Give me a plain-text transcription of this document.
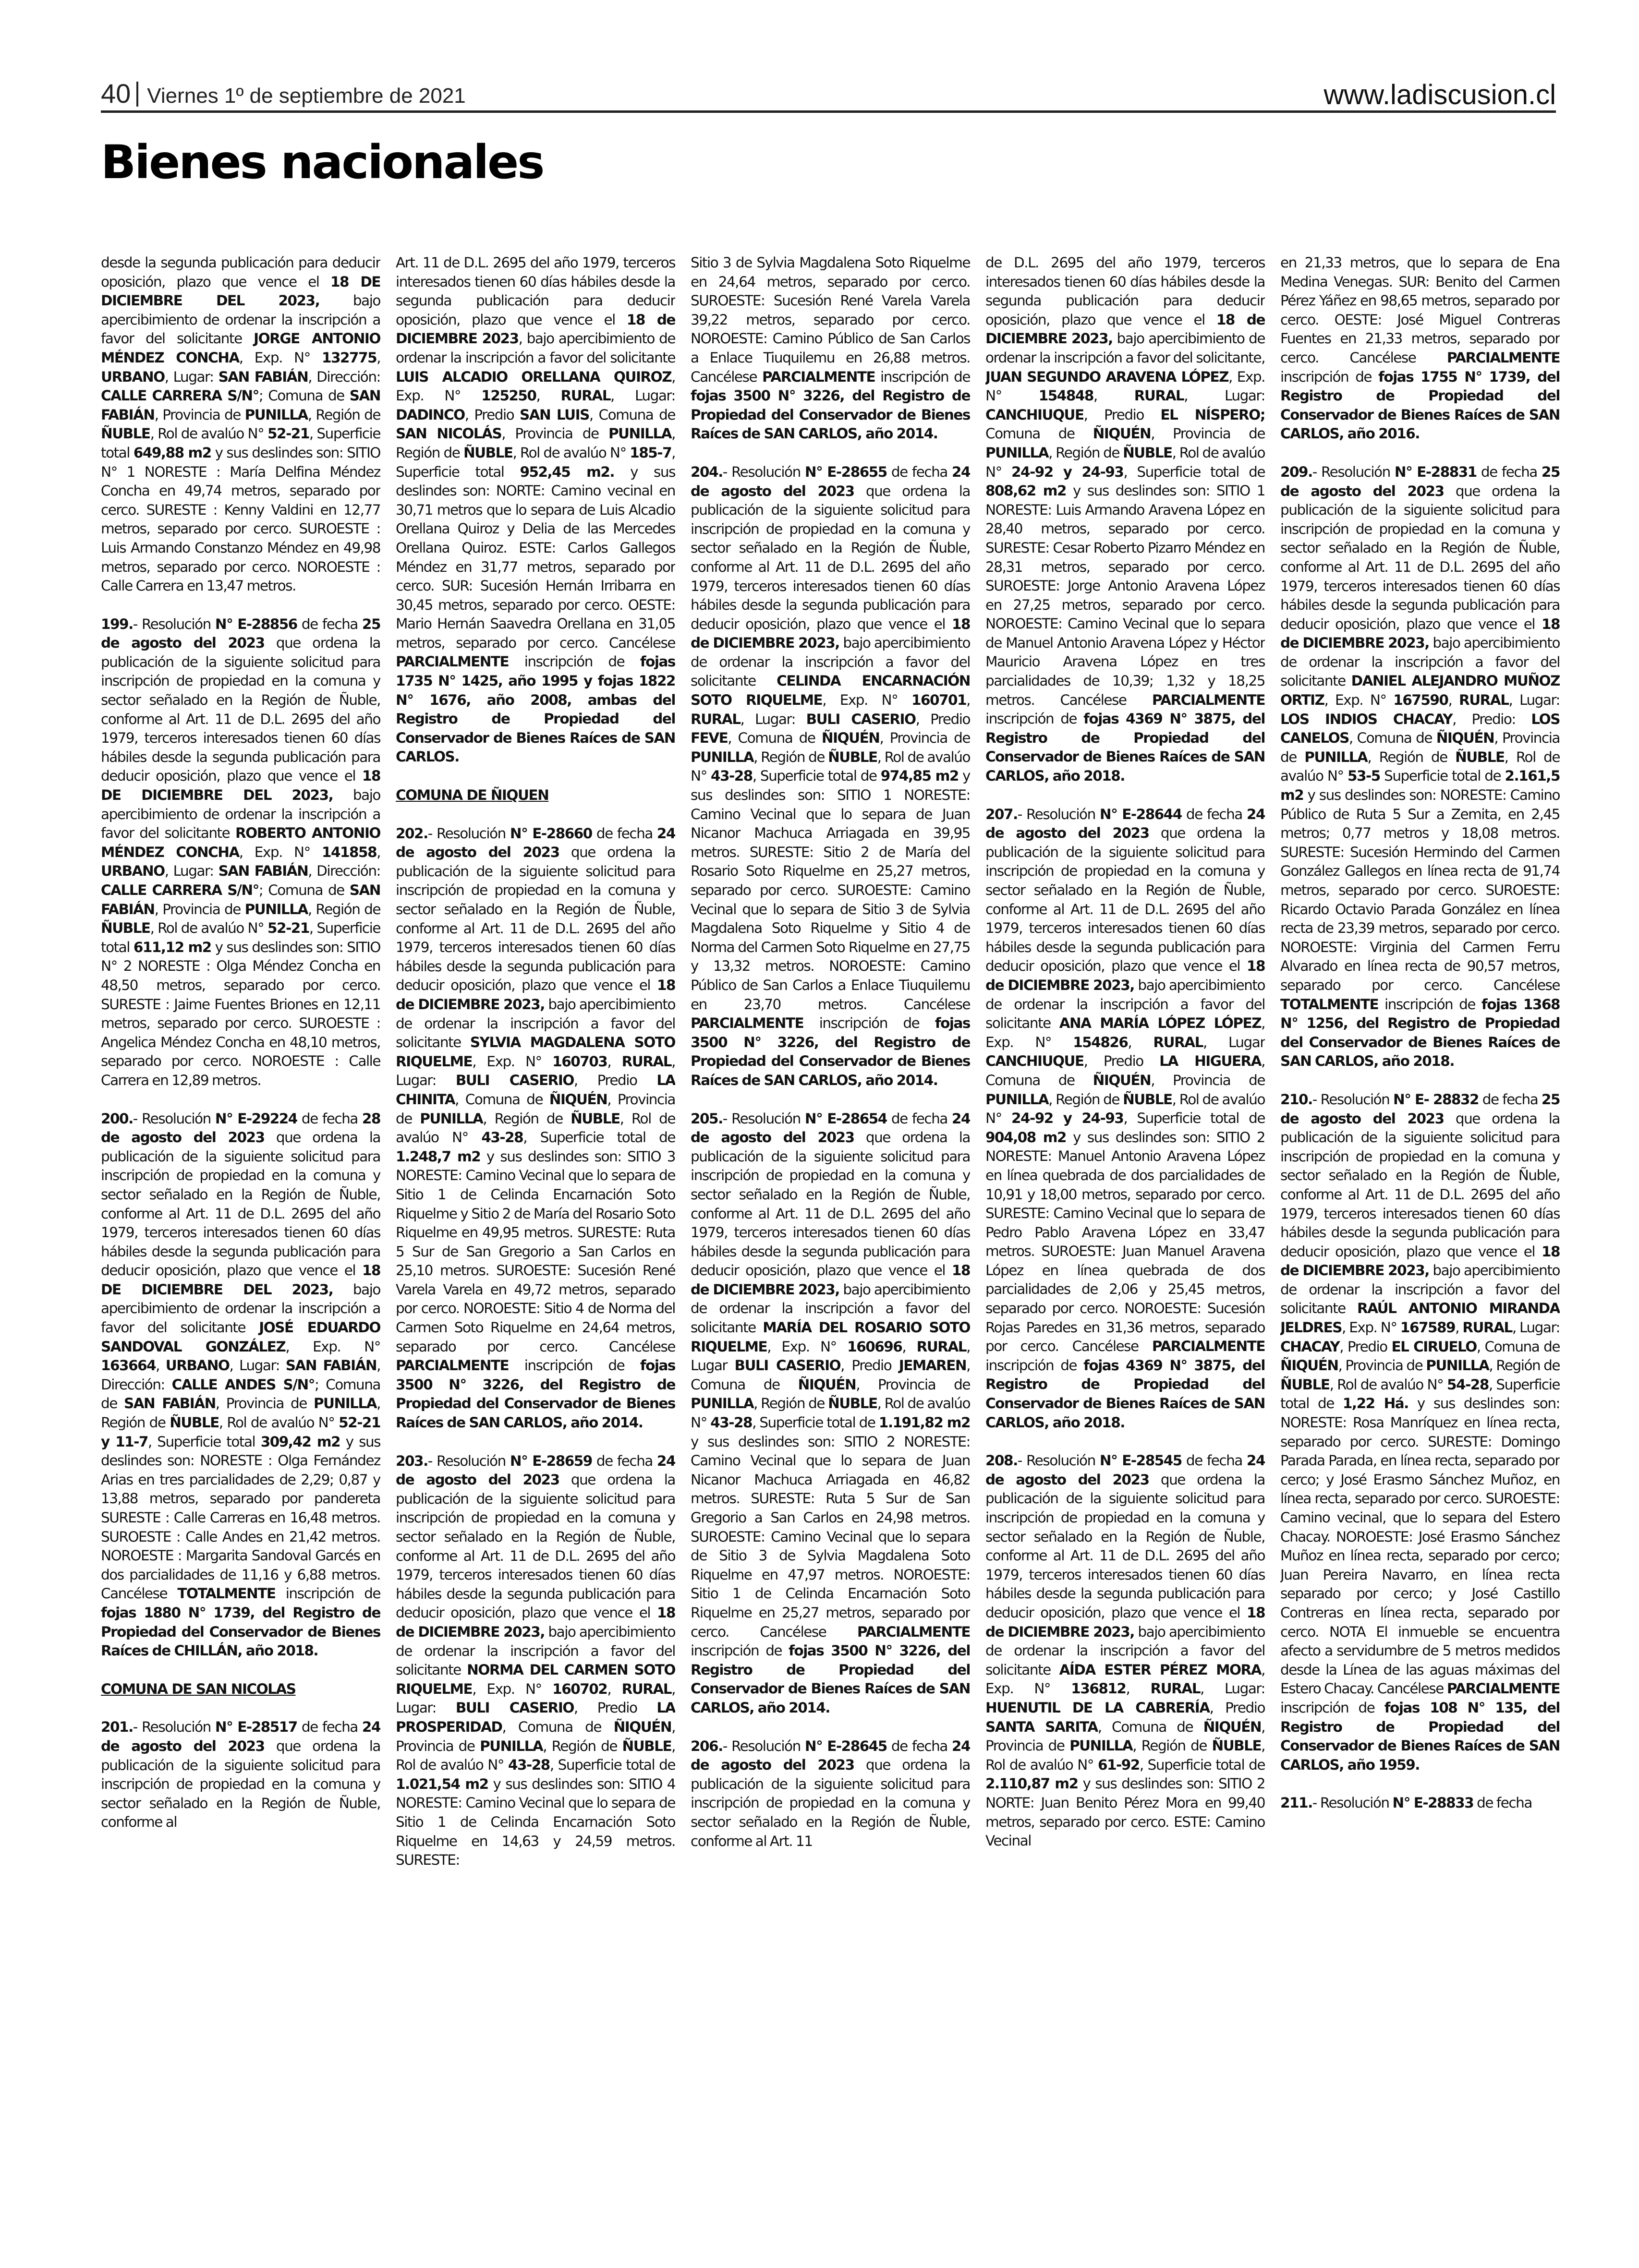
40 Viernes 1º de septiembre de 2021	www.ladiscusion.cl
Bienes nacionales
desde la segunda publicación para deducir oposición, plazo que vence el 18 DE DICIEMBRE DEL 2023, bajo apercibimiento de ordenar la inscripción a favor del solicitante JORGE ANTONIO MÉNDEZ CONCHA, Exp. N° 132775, URBANO, Lugar: SAN FABIÁN, Dirección: CALLE CARRERA S/N°; Comuna de SAN FABIÁN, Provincia de PUNILLA, Región de ÑUBLE, Rol de avalúo N° 52-21, Superficie total 649,88 m2 y sus deslindes son: SITIO N° 1 NORESTE : María Delfina Méndez Concha en 49,74 metros, separado por cerco. SURESTE : Kenny Valdini en 12,77 metros, separado por cerco. SUROESTE : Luis Armando Constanzo Méndez en 49,98 metros, separado por cerco. NOROESTE : Calle Carrera en 13,47 metros.
199.- Resolución N° E-28856 de fecha 25 de agosto del 2023 que ordena la publicación de la siguiente solicitud para inscripción de propiedad en la comuna y sector señalado en la Región de Ñuble, conforme al Art. 11 de D.L. 2695 del año 1979, terceros interesados tienen 60 días hábiles desde la segunda publicación para deducir oposición, plazo que vence el 18 DE DICIEMBRE DEL 2023, bajo apercibimiento de ordenar la inscripción a favor del solicitante ROBERTO ANTONIO MÉNDEZ CONCHA, Exp. N° 141858, URBANO, Lugar: SAN FABIÁN, Dirección: CALLE CARRERA S/N°; Comuna de SAN FABIÁN, Provincia de PUNILLA, Región de ÑUBLE, Rol de avalúo N° 52-21, Superficie total 611,12 m2 y sus deslindes son: SITIO N° 2 NORESTE : Olga Méndez Concha en 48,50 metros, separado por cerco. SURESTE : Jaime Fuentes Briones en 12,11 metros, separado por cerco. SUROESTE : Angelica Méndez Concha en 48,10 metros, separado por cerco. NOROESTE : Calle Carrera en 12,89 metros.
200.- Resolución N° E-29224 de fecha 28 de agosto del 2023 que ordena la publicación de la siguiente solicitud para inscripción de propiedad en la comuna y sector señalado en la Región de Ñuble, conforme al Art. 11 de D.L. 2695 del año 1979, terceros interesados tienen 60 días hábiles desde la segunda publicación para deducir oposición, plazo que vence el 18 DE DICIEMBRE DEL 2023, bajo apercibimiento de ordenar la inscripción a favor del solicitante JOSÉ EDUARDO SANDOVAL GONZÁLEZ, Exp. N° 163664, URBANO, Lugar: SAN FABIÁN, Dirección: CALLE ANDES S/N°; Comuna de SAN FABIÁN, Provincia de PUNILLA, Región de ÑUBLE, Rol de avalúo N° 52-21 y 11-7, Superficie total 309,42 m2 y sus deslindes son: NORESTE : Olga Fernández Arias en tres parcialidades de 2,29; 0,87 y 13,88 metros, separado por pandereta SURESTE : Calle Carreras en 16,48 metros. SUROESTE : Calle Andes en 21,42 metros. NOROESTE : Margarita Sandoval Garcés en dos parcialidades de 11,16 y 6,88 metros. Cancélese TOTALMENTE inscripción de fojas 1880 N° 1739, del Registro de Propiedad del Conservador de Bienes Raíces de CHILLÁN, año 2018.
COMUNA DE SAN NICOLAS
201.- Resolución N° E-28517 de fecha 24 de agosto del 2023 que ordena la publicación de la siguiente solicitud para inscripción de propiedad en la comuna y sector señalado en la Región de Ñuble, conforme al
Art. 11 de D.L. 2695 del año 1979, terceros interesados tienen 60 días hábiles desde la segunda publicación para deducir oposición, plazo que vence el 18 de DICIEMBRE 2023, bajo apercibimiento de ordenar la inscripción a favor del solicitante LUIS ALCADIO ORELLANA QUIROZ, Exp. N° 125250, RURAL, Lugar: DADINCO, Predio SAN LUIS, Comuna de SAN NICOLÁS, Provincia de PUNILLA, Región de ÑUBLE, Rol de avalúo N° 185-7, Superficie total 952,45 m2. y sus deslindes son: NORTE: Camino vecinal en 30,71 metros que lo separa de Luis Alcadio Orellana Quiroz y Delia de las Mercedes Orellana Quiroz. ESTE: Carlos Gallegos Méndez en 31,77 metros, separado por cerco. SUR: Sucesión Hernán Irribarra en 30,45 metros, separado por cerco. OESTE: Mario Hernán Saavedra Orellana en 31,05 metros, separado por cerco. Cancélese PARCIALMENTE inscripción de fojas 1735 N° 1425, año 1995 y fojas 1822 N° 1676, año 2008, ambas del Registro de Propiedad del Conservador de Bienes Raíces de SAN CARLOS.
COMUNA DE ÑIQUEN
202.- Resolución N° E-28660 de fecha 24 de agosto del 2023 que ordena la publicación de la siguiente solicitud para inscripción de propiedad en la comuna y sector señalado en la Región de Ñuble, conforme al Art. 11 de D.L. 2695 del año 1979, terceros interesados tienen 60 días hábiles desde la segunda publicación para deducir oposición, plazo que vence el 18 de DICIEMBRE 2023, bajo apercibimiento de ordenar la inscripción a favor del solicitante SYLVIA MAGDALENA SOTO RIQUELME, Exp. N° 160703, RURAL, Lugar: BULI CASERIO, Predio LA CHINITA, Comuna de ÑIQUÉN, Provincia de PUNILLA, Región de ÑUBLE, Rol de avalúo N° 43-28, Superficie total de 1.248,7 m2 y sus deslindes son: SITIO 3 NORESTE: Camino Vecinal que lo separa de Sitio 1 de Celinda Encarnación Soto Riquelme y Sitio 2 de María del Rosario Soto Riquelme en 49,95 metros. SURESTE: Ruta 5 Sur de San Gregorio a San Carlos en 25,10 metros. SUROESTE: Sucesión René Varela Varela en 49,72 metros, separado por cerco. NOROESTE: Sitio 4 de Norma del Carmen Soto Riquelme en 24,64 metros, separado por cerco. Cancélese PARCIALMENTE inscripción de fojas 3500 N° 3226, del Registro de Propiedad del Conservador de Bienes Raíces de SAN CARLOS, año 2014.
203.- Resolución N° E-28659 de fecha 24 de agosto del 2023 que ordena la publicación de la siguiente solicitud para inscripción de propiedad en la comuna y sector señalado en la Región de Ñuble, conforme al Art. 11 de D.L. 2695 del año 1979, terceros interesados tienen 60 días hábiles desde la segunda publicación para deducir oposición, plazo que vence el 18 de DICIEMBRE 2023, bajo apercibimiento de ordenar la inscripción a favor del solicitante NORMA DEL CARMEN SOTO RIQUELME, Exp. N° 160702, RURAL, Lugar: BULI CASERIO, Predio LA PROSPERIDAD, Comuna de ÑIQUÉN, Provincia de PUNILLA, Región de ÑUBLE, Rol de avalúo N° 43-28, Superficie total de 1.021,54 m2 y sus deslindes son: SITIO 4 NORESTE: Camino Vecinal que lo separa de Sitio 1 de Celinda Encarnación Soto Riquelme en 14,63 y 24,59 metros. SURESTE:
Sitio 3 de Sylvia Magdalena Soto Riquelme en 24,64 metros, separado por cerco. SUROESTE: Sucesión René Varela Varela 39,22 metros, separado por cerco. NOROESTE: Camino Público de San Carlos a Enlace Tiuquilemu en 26,88 metros. Cancélese PARCIALMENTE inscripción de fojas 3500 N° 3226, del Registro de Propiedad del Conservador de Bienes Raíces de SAN CARLOS, año 2014.
204.- Resolución N° E-28655 de fecha 24 de agosto del 2023 que ordena la publicación de la siguiente solicitud para inscripción de propiedad en la comuna y sector señalado en la Región de Ñuble, conforme al Art. 11 de D.L. 2695 del año 1979, terceros interesados tienen 60 días hábiles desde la segunda publicación para deducir oposición, plazo que vence el 18 de DICIEMBRE 2023, bajo apercibimiento de ordenar la inscripción a favor del solicitante CELINDA ENCARNACIÓN SOTO RIQUELME, Exp. N° 160701, RURAL, Lugar: BULI CASERIO, Predio FEVE, Comuna de ÑIQUÉN, Provincia de PUNILLA, Región de ÑUBLE, Rol de avalúo N° 43-28, Superficie total de 974,85 m2 y sus deslindes son: SITIO 1 NORESTE: Camino Vecinal que lo separa de Juan Nicanor Machuca Arriagada en 39,95 metros. SURESTE: Sitio 2 de María del Rosario Soto Riquelme en 25,27 metros, separado por cerco. SUROESTE: Camino Vecinal que lo separa de Sitio 3 de Sylvia Magdalena Soto Riquelme y Sitio 4 de Norma del Carmen Soto Riquelme en 27,75 y 13,32 metros. NOROESTE: Camino Público de San Carlos a Enlace Tiuquilemu en 23,70 metros. Cancélese PARCIALMENTE inscripción de fojas 3500 N° 3226, del Registro de Propiedad del Conservador de Bienes Raíces de SAN CARLOS, año 2014.
205.- Resolución N° E-28654 de fecha 24 de agosto del 2023 que ordena la publicación de la siguiente solicitud para inscripción de propiedad en la comuna y sector señalado en la Región de Ñuble, conforme al Art. 11 de D.L. 2695 del año 1979, terceros interesados tienen 60 días hábiles desde la segunda publicación para deducir oposición, plazo que vence el 18 de DICIEMBRE 2023, bajo apercibimiento de ordenar la inscripción a favor del solicitante MARÍA DEL ROSARIO SOTO RIQUELME, Exp. N° 160696, RURAL, Lugar BULI CASERIO, Predio JEMAREN, Comuna de ÑIQUÉN, Provincia de PUNILLA, Región de ÑUBLE, Rol de avalúo N° 43-28, Superficie total de 1.191,82 m2 y sus deslindes son: SITIO 2 NORESTE: Camino Vecinal que lo separa de Juan Nicanor Machuca Arriagada en 46,82 metros. SURESTE: Ruta 5 Sur de San Gregorio a San Carlos en 24,98 metros. SUROESTE: Camino Vecinal que lo separa de Sitio 3 de Sylvia Magdalena Soto Riquelme en 47,97 metros. NOROESTE: Sitio 1 de Celinda Encarnación Soto Riquelme en 25,27 metros, separado por cerco. Cancélese PARCIALMENTE inscripción de fojas 3500 N° 3226, del Registro de Propiedad del Conservador de Bienes Raíces de SAN CARLOS, año 2014.
206.- Resolución N° E-28645 de fecha 24 de agosto del 2023 que ordena la publicación de la siguiente solicitud para inscripción de propiedad en la comuna y sector señalado en la Región de Ñuble, conforme al Art. 11
de D.L. 2695 del año 1979, terceros interesados tienen 60 días hábiles desde la segunda publicación para deducir oposición, plazo que vence el 18 de DICIEMBRE 2023, bajo apercibimiento de ordenar la inscripción a favor del solicitante, JUAN SEGUNDO ARAVENA LÓPEZ, Exp. N° 154848, RURAL, Lugar: CANCHIUQUE, Predio EL NÍSPERO; Comuna de ÑIQUÉN, Provincia de PUNILLA, Región de ÑUBLE, Rol de avalúo N° 24-92 y 24-93, Superficie total de 808,62 m2 y sus deslindes son: SITIO 1 NORESTE: Luis Armando Aravena López en 28,40 metros, separado por cerco. SURESTE: Cesar Roberto Pizarro Méndez en 28,31 metros, separado por cerco. SUROESTE: Jorge Antonio Aravena López en 27,25 metros, separado por cerco. NOROESTE: Camino Vecinal que lo separa de Manuel Antonio Aravena López y Héctor Mauricio Aravena López en tres parcialidades de 10,39; 1,32 y 18,25 metros. Cancélese PARCIALMENTE inscripción de fojas 4369 N° 3875, del Registro de Propiedad del Conservador de Bienes Raíces de SAN CARLOS, año 2018.
207.- Resolución N° E-28644 de fecha 24 de agosto del 2023 que ordena la publicación de la siguiente solicitud para inscripción de propiedad en la comuna y sector señalado en la Región de Ñuble, conforme al Art. 11 de D.L. 2695 del año 1979, terceros interesados tienen 60 días hábiles desde la segunda publicación para deducir oposición, plazo que vence el 18 de DICIEMBRE 2023, bajo apercibimiento de ordenar la inscripción a favor del solicitante ANA MARÍA LÓPEZ LÓPEZ, Exp. N° 154826, RURAL, Lugar CANCHIUQUE, Predio LA HIGUERA, Comuna de ÑIQUÉN, Provincia de PUNILLA, Región de ÑUBLE, Rol de avalúo N° 24-92 y 24-93, Superficie total de 904,08 m2 y sus deslindes son: SITIO 2 NORESTE: Manuel Antonio Aravena López en línea quebrada de dos parcialidades de 10,91 y 18,00 metros, separado por cerco. SURESTE: Camino Vecinal que lo separa de Pedro Pablo Aravena López en 33,47 metros. SUROESTE: Juan Manuel Aravena López en línea quebrada de dos parcialidades de 2,06 y 25,45 metros, separado por cerco. NOROESTE: Sucesión Rojas Paredes en 31,36 metros, separado por cerco. Cancélese PARCIALMENTE inscripción de fojas 4369 N° 3875, del Registro de Propiedad del Conservador de Bienes Raíces de SAN CARLOS, año 2018.
208.- Resolución N° E-28545 de fecha 24 de agosto del 2023 que ordena la publicación de la siguiente solicitud para inscripción de propiedad en la comuna y sector señalado en la Región de Ñuble, conforme al Art. 11 de D.L. 2695 del año 1979, terceros interesados tienen 60 días hábiles desde la segunda publicación para deducir oposición, plazo que vence el 18 de DICIEMBRE 2023, bajo apercibimiento de ordenar la inscripción a favor del solicitante AÍDA ESTER PÉREZ MORA, Exp. N° 136812, RURAL, Lugar: HUENUTIL DE LA CABRERÍA, Predio SANTA SARITA, Comuna de ÑIQUÉN, Provincia de PUNILLA, Región de ÑUBLE, Rol de avalúo N° 61-92, Superficie total de 2.110,87 m2 y sus deslindes son: SITIO 2 NORTE: Juan Benito Pérez Mora en 99,40 metros, separado por cerco. ESTE: Camino Vecinal
en 21,33 metros, que lo separa de Ena Medina Venegas. SUR: Benito del Carmen Pérez Yáñez en 98,65 metros, separado por cerco. OESTE: José Miguel Contreras Fuentes en 21,33 metros, separado por cerco. Cancélese PARCIALMENTE inscripción de fojas 1755 N° 1739, del Registro de Propiedad del Conservador de Bienes Raíces de SAN CARLOS, año 2016.
209.- Resolución N° E-28831 de fecha 25 de agosto del 2023 que ordena la publicación de la siguiente solicitud para inscripción de propiedad en la comuna y sector señalado en la Región de Ñuble, conforme al Art. 11 de D.L. 2695 del año 1979, terceros interesados tienen 60 días hábiles desde la segunda publicación para deducir oposición, plazo que vence el 18 de DICIEMBRE 2023, bajo apercibimiento de ordenar la inscripción a favor del solicitante DANIEL ALEJANDRO MUÑOZ ORTIZ, Exp. N° 167590, RURAL, Lugar: LOS INDIOS CHACAY, Predio: LOS CANELOS, Comuna de ÑIQUÉN, Provincia de PUNILLA, Región de ÑUBLE, Rol de avalúo N° 53-5 Superficie total de 2.161,5 m2 y sus deslindes son: NORESTE: Camino Público de Ruta 5 Sur a Zemita, en 2,45 metros; 0,77 metros y 18,08 metros. SURESTE: Sucesión Hermindo del Carmen González Gallegos en línea recta de 91,74 metros, separado por cerco. SUROESTE: Ricardo Octavio Parada González en línea recta de 23,39 metros, separado por cerco. NOROESTE: Virginia del Carmen Ferru Alvarado en línea recta de 90,57 metros, separado por cerco. Cancélese TOTALMENTE inscripción de fojas 1368 N° 1256, del Registro de Propiedad del Conservador de Bienes Raíces de SAN CARLOS, año 2018.
210.- Resolución N° E- 28832 de fecha 25 de agosto del 2023 que ordena la publicación de la siguiente solicitud para inscripción de propiedad en la comuna y sector señalado en la Región de Ñuble, conforme al Art. 11 de D.L. 2695 del año 1979, terceros interesados tienen 60 días hábiles desde la segunda publicación para deducir oposición, plazo que vence el 18 de DICIEMBRE 2023, bajo apercibimiento de ordenar la inscripción a favor del solicitante RAÚL ANTONIO MIRANDA JELDRES, Exp. N° 167589, RURAL, Lugar: CHACAY, Predio EL CIRUELO, Comuna de ÑIQUÉN, Provincia de PUNILLA, Región de ÑUBLE, Rol de avalúo N° 54-28, Superficie total de 1,22 Há. y sus deslindes son: NORESTE: Rosa Manríquez en línea recta, separado por cerco. SURESTE: Domingo Parada Parada, en línea recta, separado por cerco; y José Erasmo Sánchez Muñoz, en línea recta, separado por cerco. SUROESTE: Camino vecinal, que lo separa del Estero Chacay. NOROESTE: José Erasmo Sánchez Muñoz en línea recta, separado por cerco; Juan Pereira Navarro, en línea recta separado por cerco; y José Castillo Contreras en línea recta, separado por cerco. NOTA El inmueble se encuentra afecto a servidumbre de 5 metros medidos desde la Línea de las aguas máximas del Estero Chacay. Cancélese PARCIALMENTE inscripción de fojas 108 N° 135, del Registro de Propiedad del Conservador de Bienes Raíces de SAN CARLOS, año 1959.
211.- Resolución N° E-28833 de fecha
